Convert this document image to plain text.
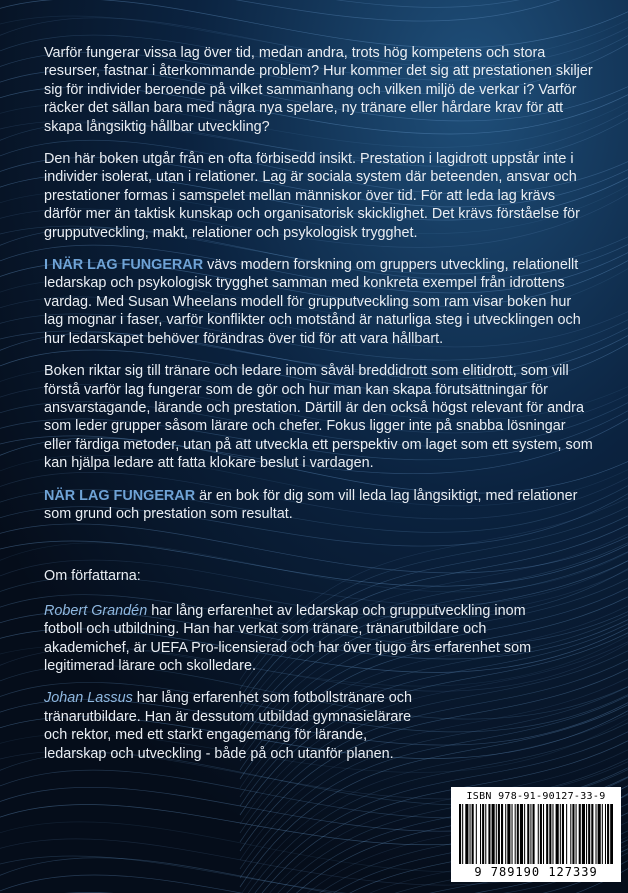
Varför fungerar vissa lag över tid, medan andra, trots hög kompetens och stora resurser, fastnar i återkommande problem? Hur kommer det sig att prestationen skiljer sig för individer beroende på vilket sammanhang och vilken miljö de verkar i? Varför räcker det sällan bara med några nya spelare, ny tränare eller hårdare krav för att skapa långsiktig hållbar utveckling?

Den här boken utgår från en ofta förbisedd insikt. Prestation i lagidrott uppstår inte i individer isolerat, utan i relationer. Lag är sociala system där beteenden, ansvar och prestationer formas i samspelet mellan människor över tid. För att leda lag krävs därför mer än taktisk kunskap och organisatorisk skicklighet. Det krävs förståelse för grupputveckling, makt, relationer och psykologisk trygghet.

I NÄR LAG FUNGERAR vävs modern forskning om gruppers utveckling, relationellt ledarskap och psykologisk trygghet samman med konkreta exempel från idrottens vardag. Med Susan Wheelans modell för grupputveckling som ram visar boken hur lag mognar i faser, varför konflikter och motstånd är naturliga steg i utvecklingen och hur ledarskapet behöver förändras över tid för att vara hållbart.

Boken riktar sig till tränare och ledare inom såväl breddidrott som elitidrott, som vill förstå varför lag fungerar som de gör och hur man kan skapa förutsättningar för ansvarstagande, lärande och prestation. Därtill är den också högst relevant för andra som leder grupper såsom lärare och chefer. Fokus ligger inte på snabba lösningar eller färdiga metoder, utan på att utveckla ett perspektiv om laget som ett system, som kan hjälpa ledare att fatta klokare beslut i vardagen.

NÄR LAG FUNGERAR är en bok för dig som vill leda lag långsiktigt, med relationer som grund och prestation som resultat.

Om författarna:

Robert Grandén har lång erfarenhet av ledarskap och grupputveckling inom fotboll och utbildning. Han har verkat som tränare, tränarutbildare och akademichef, är UEFA Pro-licensierad och har över tjugo års erfarenhet som legitimerad lärare och skolledare.

Johan Lassus har lång erfarenhet som fotbollstränare och tränarutbildare. Han är dessutom utbildad gymnasielärare och rektor, med ett starkt engagemang för lärande, ledarskap och utveckling - både på och utanför planen.

ISBN 978-91-90127-33-9
9 789190 127339
